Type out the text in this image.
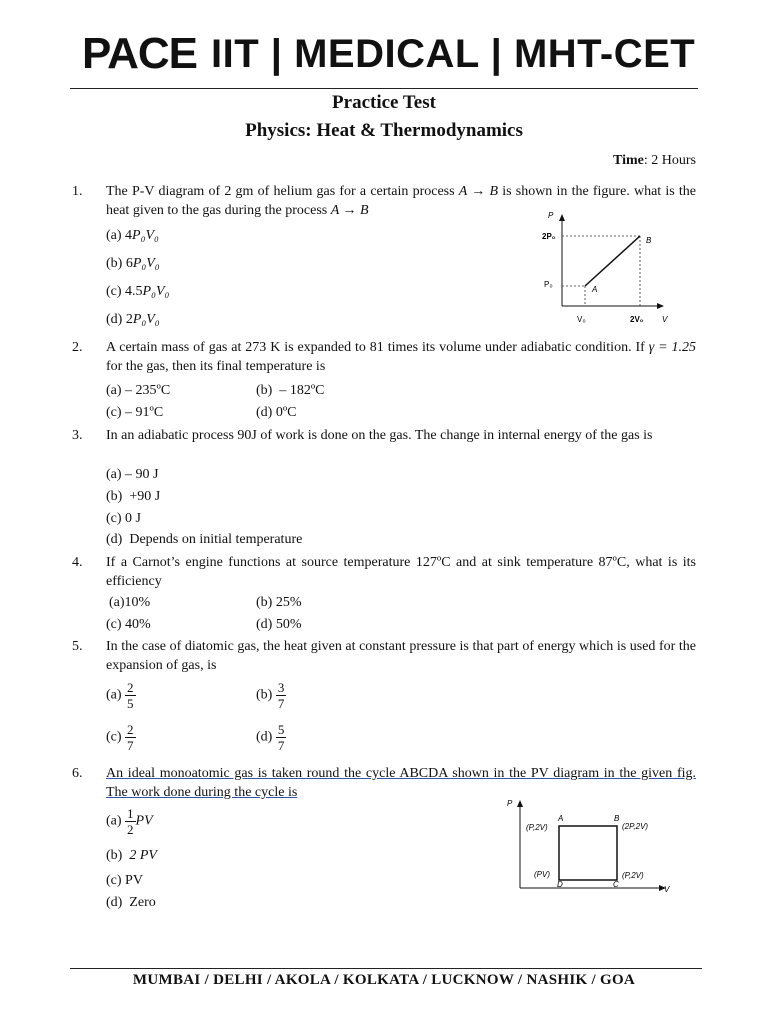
PACE IIT | MEDICAL | MHT-CET
Practice Test
Physics: Heat & Thermodynamics
Time: 2 Hours
1. The P-V diagram of 2 gm of helium gas for a certain process A → B is shown in the figure. what is the heat given to the gas during the process A → B
(a) 4P₀V₀
(b) 6P₀V₀
(c) 4.5P₀V₀
(d) 2P₀V₀
P
V
2P₀
P₀
V₀	2V₀
A
B
2. A certain mass of gas at 273 K is expanded to 81 times its volume under adiabatic condition. If γ = 1.25 for the gas, then its final temperature is
(a) – 235ºC	(b) – 182ºC
(c) – 91ºC	(d) 0ºC
3. In an adiabatic process 90J of work is done on the gas. The change in internal energy of the gas is
(a) – 90 J
(b) +90 J
(c) 0 J
(d) Depends on initial temperature
4. If a Carnot’s engine functions at source temperature 127ºC and at sink temperature 87ºC, what is its efficiency
(a)10%	(b) 25%
(c) 40%	(d) 50%
5. In the case of diatomic gas, the heat given at constant pressure is that part of energy which is used for the expansion of gas, is
$(a) \frac{2}{5}$	$(b) \frac{3}{7}$
$(c) \frac{2}{7}$	$(d) \frac{5}{7}$
6. An ideal monoatomic gas is taken round the cycle ABCDA shown in the PV diagram in the given fig. The work done during the cycle is
$(a) \frac{1}{2}$ PV
(b) 2 PV
(c) PV
(d) Zero
P
V
A	B
D	C
(P,2V)	(2P,2V)
(PV)	(P,2V)
MUMBAI / DELHI / AKOLA / KOLKATA / LUCKNOW / NASHIK / GOA
